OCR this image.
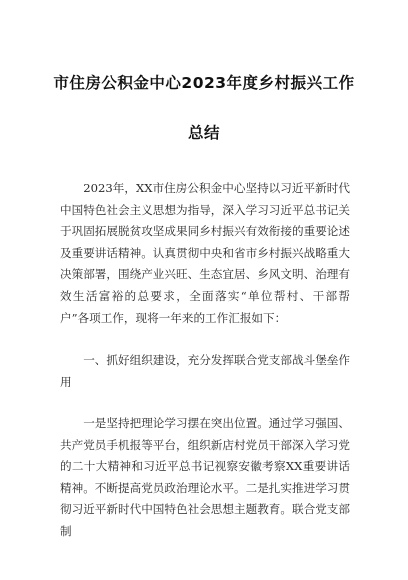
市住房公积金中心2023年度乡村振兴工作
总结

2023年，XX市住房公积金中心坚持以习近平新时代中国特色社会主义思想为指导，深入学习习近平总书记关于巩固拓展脱贫攻坚成果同乡村振兴有效衔接的重要论述及重要讲话精神。认真贯彻中央和省市乡村振兴战略重大决策部署，围绕产业兴旺、生态宜居、乡风文明、治理有效生活富裕的总要求，全面落实“单位帮村、干部帮户”各项工作，现将一年来的工作汇报如下：

一、抓好组织建设，充分发挥联合党支部战斗堡垒作用

一是坚持把理论学习摆在突出位置。通过学习强国、共产党员手机报等平台，组织新店村党员干部深入学习党的二十大精神和习近平总书记视察安徽考察XX重要讲话精神。不断提高党员政治理论水平。二是扎实推进学习贯彻习近平新时代中国特色社会思想主题教育。联合党支部制
